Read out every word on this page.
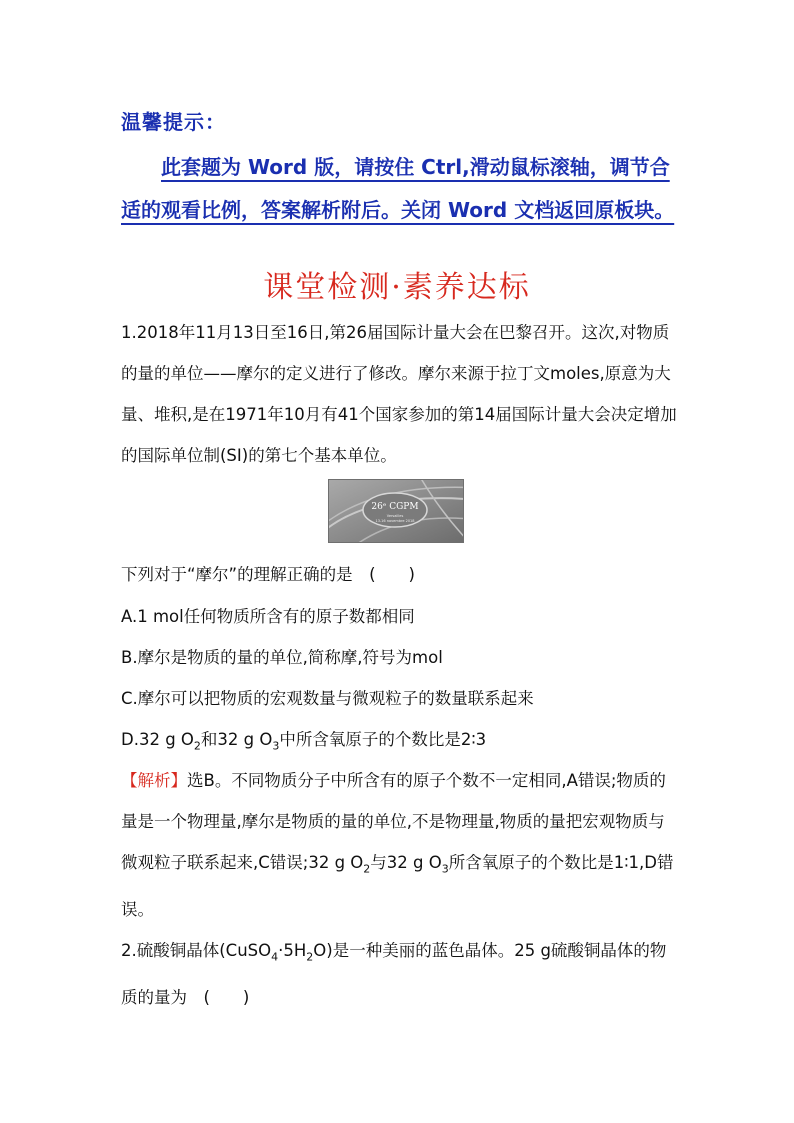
温馨提示：
此套题为 Word 版，请按住 Ctrl,滑动鼠标滚轴，调节合适的观看比例，答案解析附后。关闭 Word 文档返回原板块。
课堂检测·素养达标
1.2018年11月13日至16日,第26届国际计量大会在巴黎召开。这次,对物质的量的单位——摩尔的定义进行了修改。摩尔来源于拉丁文moles,原意为大量、堆积,是在1971年10月有41个国家参加的第14届国际计量大会决定增加的国际单位制(SI)的第七个基本单位。
26ᵉ CGPM
Versailles
13-16 novembre 2018
下列对于“摩尔”的理解正确的是　(　　)
A.1 mol任何物质所含有的原子数都相同
B.摩尔是物质的量的单位,简称摩,符号为mol
C.摩尔可以把物质的宏观数量与微观粒子的数量联系起来
D.32 g $O_2$和32 g $O_3$中所含氧原子的个数比是2∶3
【解析】选B。不同物质分子中所含有的原子个数不一定相同,A错误;物质的量是一个物理量,摩尔是物质的量的单位,不是物理量,物质的量把宏观物质与微观粒子联系起来,C错误;32 g $O_2$与32 g $O_3$所含氧原子的个数比是1∶1,D错误。
2.硫酸铜晶体$(CuSO_4\cdot 5H_2O)$是一种美丽的蓝色晶体。25 g硫酸铜晶体的物质的量为　(　　)
